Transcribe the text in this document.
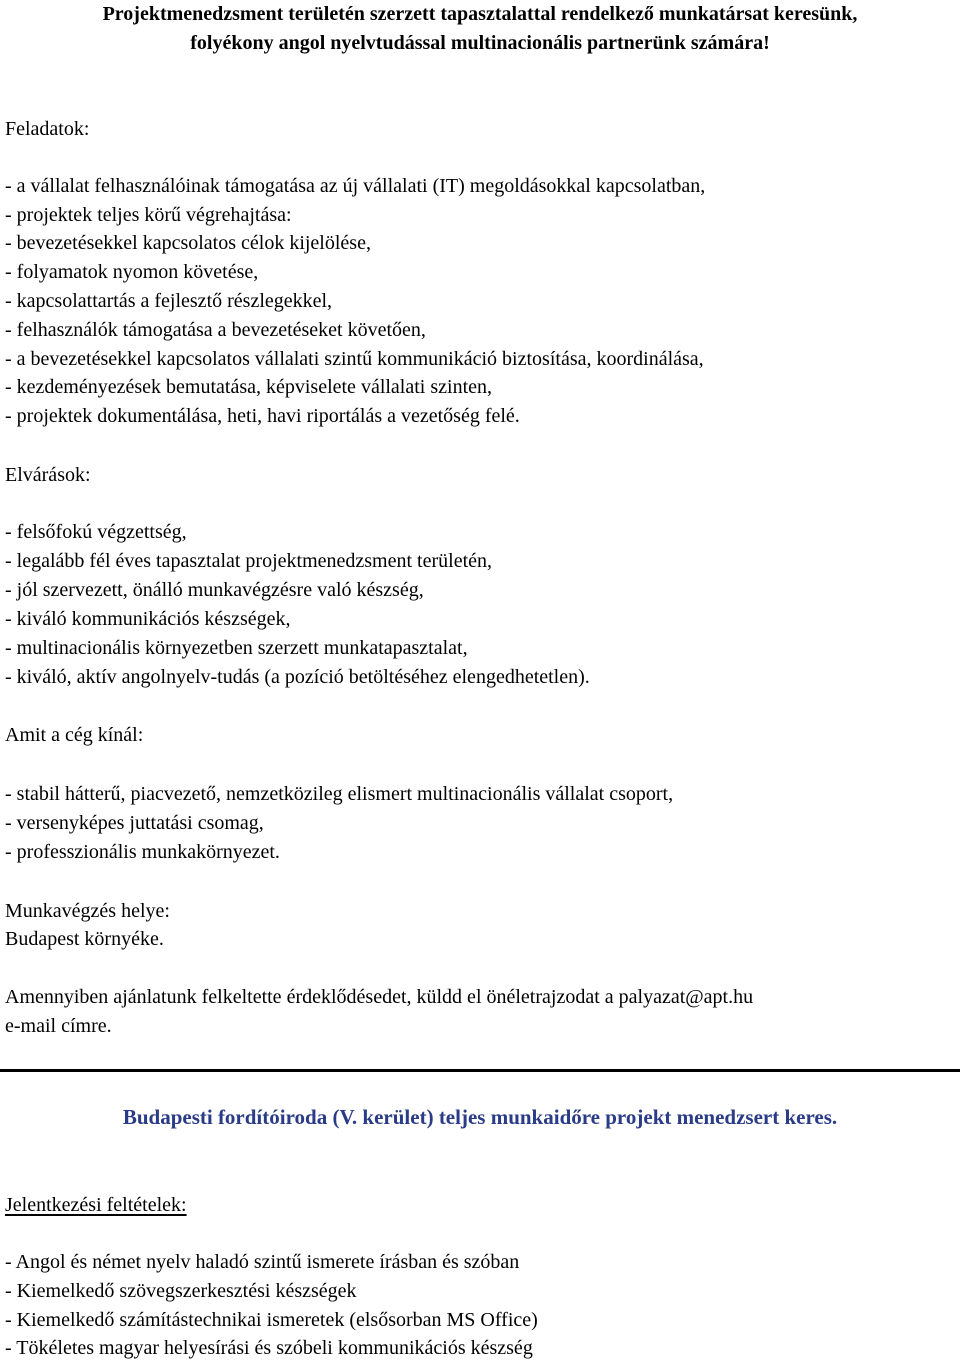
Projektmenedzsment területén szerzett tapasztalattal rendelkező munkatársat keresünk,
folyékony angol nyelvtudással multinacionális partnerünk számára!
Feladatok:
- a vállalat felhasználóinak támogatása az új vállalati (IT) megoldásokkal kapcsolatban,
- projektek teljes körű végrehajtása:
- bevezetésekkel kapcsolatos célok kijelölése,
- folyamatok nyomon követése,
- kapcsolattartás a fejlesztő részlegekkel,
- felhasználók támogatása a bevezetéseket követően,
- a bevezetésekkel kapcsolatos vállalati szintű kommunikáció biztosítása, koordinálása,
- kezdeményezések bemutatása, képviselete vállalati szinten,
- projektek dokumentálása, heti, havi riportálás a vezetőség felé.
Elvárások:
- felsőfokú végzettség,
- legalább fél éves tapasztalat projektmenedzsment területén,
- jól szervezett, önálló munkavégzésre való készség,
- kiváló kommunikációs készségek,
- multinacionális környezetben szerzett munkatapasztalat,
- kiváló, aktív angolnyelv-tudás (a pozíció betöltéséhez elengedhetetlen).
Amit a cég kínál:
- stabil hátterű, piacvezető, nemzetközileg elismert multinacionális vállalat csoport,
- versenyképes juttatási csomag,
- professzionális munkakörnyezet.
Munkavégzés helye:
Budapest környéke.
Amennyiben ajánlatunk felkeltette érdeklődésedet, küldd el önéletrajzodat a palyazat@apt.hu
e-mail címre.
Budapesti fordítóiroda (V. kerület) teljes munkaidőre projekt menedzsert keres.
Jelentkezési feltételek:
- Angol és német nyelv haladó szintű ismerete írásban és szóban
- Kiemelkedő szövegszerkesztési készségek
- Kiemelkedő számítástechnikai ismeretek (elsősorban MS Office)
- Tökéletes magyar helyesírási és szóbeli kommunikációs készség
